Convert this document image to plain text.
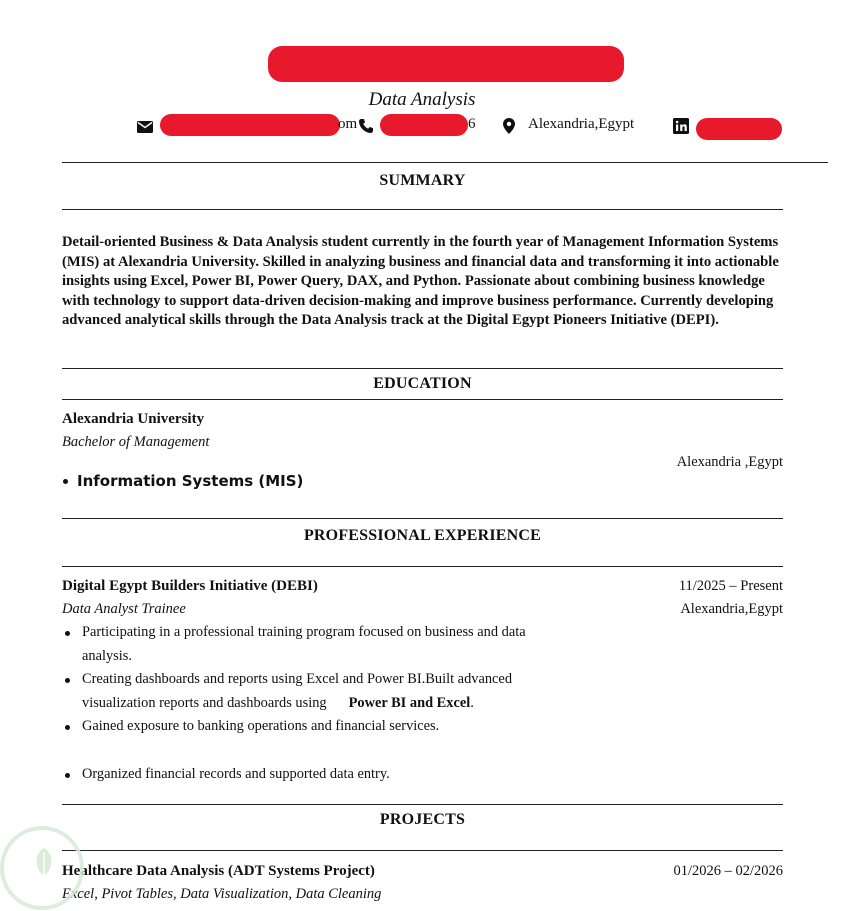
Data Analysis
om	6	Alexandria,Egypt
SUMMARY
Detail-oriented Business & Data Analysis student currently in the fourth year of Management Information Systems (MIS) at Alexandria University. Skilled in analyzing business and financial data and transforming it into actionable insights using Excel, Power BI, Power Query, DAX, and Python. Passionate about combining business knowledge with technology to support data-driven decision-making and improve business performance. Currently developing advanced analytical skills through the Data Analysis track at the Digital Egypt Pioneers Initiative (DEPI).
EDUCATION
Alexandria University
Bachelor of Management
Alexandria ,Egypt
Information Systems (MIS)
PROFESSIONAL EXPERIENCE
Digital Egypt Builders Initiative (DEBI)	11/2025 – Present
Data Analyst Trainee	Alexandria,Egypt
Participating in a professional training program focused on business and data analysis.
Creating dashboards and reports using Excel and Power BI.Built advanced visualization reports and dashboards using Power BI and Excel.
Gained exposure to banking operations and financial services.
Organized financial records and supported data entry.
PROJECTS
Healthcare Data Analysis (ADT Systems Project)	01/2026 – 02/2026
Excel, Pivot Tables, Data Visualization, Data Cleaning
